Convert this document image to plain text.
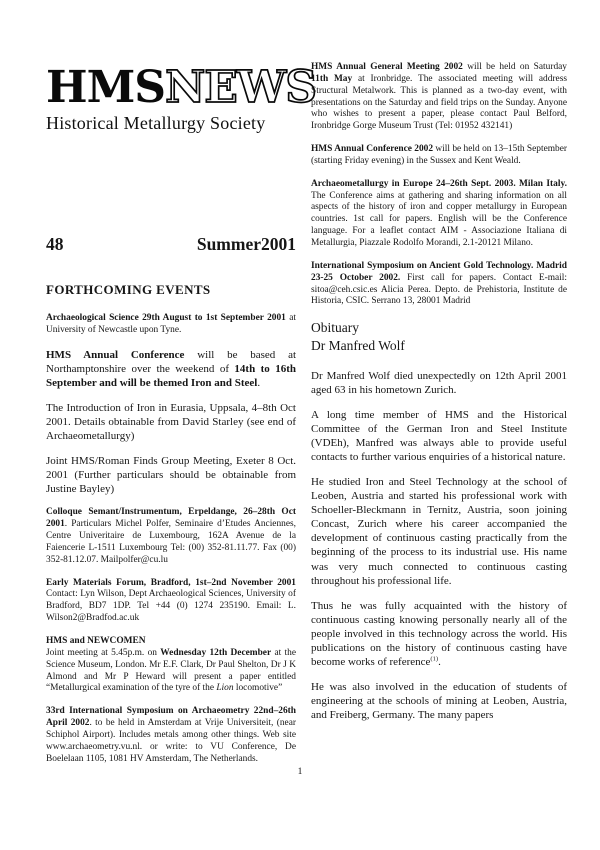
HMSNEWS
Historical Metallurgy Society
48	Summer2001

FORTHCOMING EVENTS

Archaeological Science 29th August to 1st September 2001 at University of Newcastle upon Tyne.

HMS Annual Conference will be based at Northamptonshire over the weekend of 14th to 16th September and will be themed Iron and Steel.

The Introduction of Iron in Eurasia, Uppsala, 4–8th Oct 2001. Details obtainable from David Starley (see end of Archaeometallurgy)

Joint HMS/Roman Finds Group Meeting, Exeter 8 Oct. 2001 (Further particulars should be obtainable from Justine Bayley)

Colloque Semant/Instrumentum, Erpeldange, 26–28th Oct 2001. Particulars Michel Polfer, Seminaire d’Etudes Anciennes, Centre Univeritaire de Luxembourg, 162A Avenue de la Faiencerie L-1511 Luxembourg Tel: (00) 352-81.11.77. Fax (00) 352-81.12.07. Mailpolfer@cu.lu

Early Materials Forum, Bradford, 1st–2nd November 2001 Contact: Lyn Wilson, Dept Archaeological Sciences, University of Bradford, BD7 1DP. Tel +44 (0) 1274 235190. Email: L. Wilson2@Bradfod.ac.uk

HMS and NEWCOMEN
Joint meeting at 5.45p.m. on Wednesday 12th December at the Science Museum, London. Mr E.F. Clark, Dr Paul Shelton, Dr J K Almond and Mr P Heward will present a paper entitled “Metallurgical examination of the tyre of the Lion locomotive”

33rd International Symposium on Archaeometry 22nd–26th April 2002. to be held in Amsterdam at Vrije Universiteit, (near Schiphol Airport). Includes metals among other things. Web site www.archaeometry.vu.nl. or write: to VU Conference, De Boelelaan 1105, 1081 HV Amsterdam, The Netherlands.

HMS Annual General Meeting 2002 will be held on Saturday 11th May at Ironbridge. The associated meeting will address Structural Metalwork. This is planned as a two-day event, with presentations on the Saturday and field trips on the Sunday. Anyone who wishes to present a paper, please contact Paul Belford, Ironbridge Gorge Museum Trust (Tel: 01952 432141)

HMS Annual Conference 2002 will be held on 13–15th September (starting Friday evening) in the Sussex and Kent Weald.

Archaeometallurgy in Europe 24–26th Sept. 2003. Milan Italy. The Conference aims at gathering and sharing information on all aspects of the history of iron and copper metallurgy in European countries. 1st call for papers. English will be the Conference language. For a leaflet contact AIM - Associazione Italiana di Metallurgia, Piazzale Rodolfo Morandi, 2.1-20121 Milano.

International Symposium on Ancient Gold Technology. Madrid 23-25 October 2002. First call for papers. Contact E-mail: sitoa@ceh.csic.es Alicia Perea. Depto. de Prehistoria, Institute de Historia, CSIC. Serrano 13, 28001 Madrid

Obituary
Dr Manfred Wolf

Dr Manfred Wolf died unexpectedly on 12th April 2001 aged 63 in his hometown Zurich.

A long time member of HMS and the Historical Committee of the German Iron and Steel Institute (VDEh), Manfred was always able to provide useful contacts to further various enquiries of a historical nature.

He studied Iron and Steel Technology at the school of Leoben, Austria and started his professional work with Schoeller-Bleckmann in Ternitz, Austria, soon joining Concast, Zurich where his career accompanied the development of continuous casting practically from the beginning of the process to its industrial use. His name was very much connected to continuous casting throughout his professional life.

Thus he was fully acquainted with the history of continuous casting knowing personally nearly all of the people involved in this technology across the world. His publications on the history of continuous casting have become works of reference$^{(1)}$.

He was also involved in the education of students of engineering at the schools of mining at Leoben, Austria, and Freiberg, Germany. The many papers

1
